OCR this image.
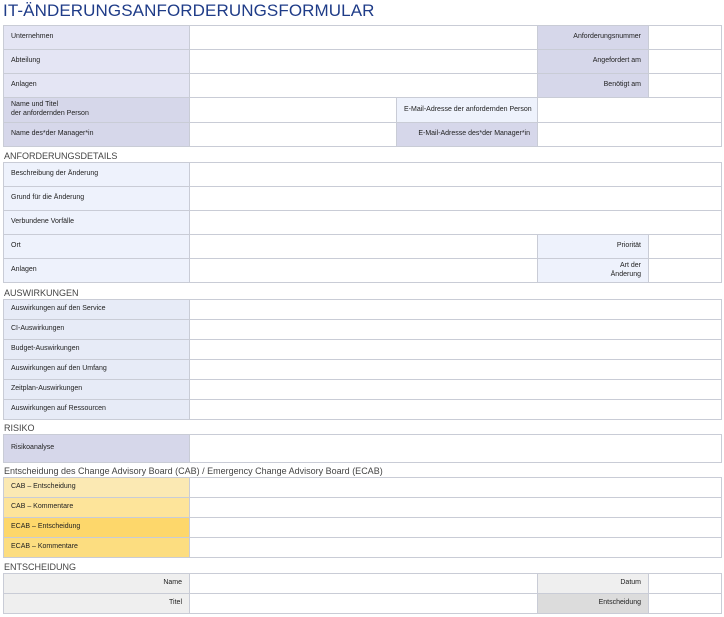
IT-ÄNDERUNGSANFORDERUNGSFORMULAR
Unternehmen			Anforderungsnummer	
Abteilung			Angefordert am	
Anlagen			Benötigt am	
Name und Titel
der anfordernden Person		E-Mail-Adresse der anfordernden Person		
Name des*der Manager*in		E-Mail-Adresse des*der Manager*in		
ANFORDERUNGSDETAILS
Beschreibung der Änderung			
Grund für die Änderung			
Verbundene Vorfälle			
Ort		Priorität	
Anlagen		Art der
Änderung	
AUSWIRKUNGEN
Auswirkungen auf den Service	
CI-Auswirkungen	
Budget-Auswirkungen	
Auswirkungen auf den Umfang	
Zeitplan-Auswirkungen	
Auswirkungen auf Ressourcen	
RISIKO
Risikoanalyse	
Entscheidung des Change Advisory Board (CAB) / Emergency Change Advisory Board (ECAB)
CAB – Entscheidung	
CAB – Kommentare	
ECAB – Entscheidung	
ECAB – Kommentare	
ENTSCHEIDUNG
Name		Datum	
Titel		Entscheidung	
